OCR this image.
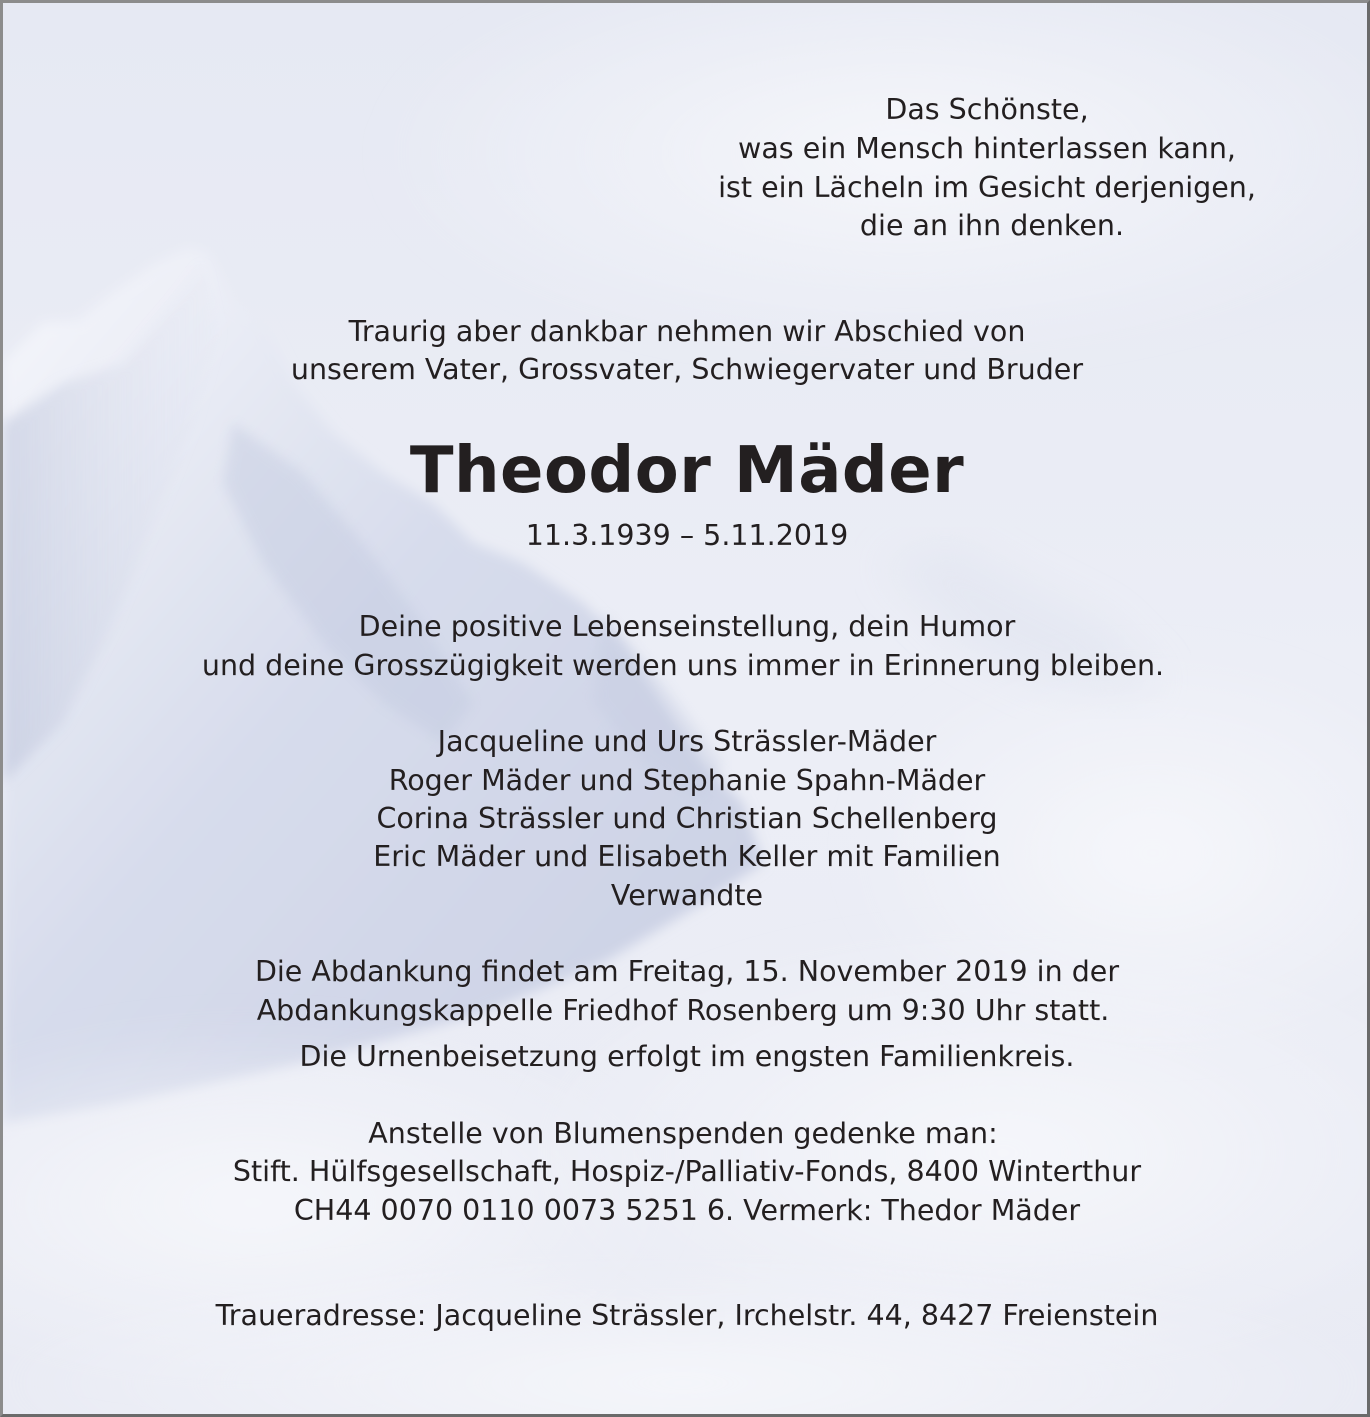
Das Schönste,
was ein Mensch hinterlassen kann,
ist ein Lächeln im Gesicht derjenigen,
die an ihn denken.
Traurig aber dankbar nehmen wir Abschied von
unserem Vater, Grossvater, Schwiegervater und Bruder
Theodor Mäder
11.3.1939 – 5.11.2019
Deine positive Lebenseinstellung, dein Humor
und deine Grosszügigkeit werden uns immer in Erinnerung bleiben.
Jacqueline und Urs Strässler-Mäder
Roger Mäder und Stephanie Spahn-Mäder
Corina Strässler und Christian Schellenberg
Eric Mäder und Elisabeth Keller mit Familien
Verwandte
Die Abdankung findet am Freitag, 15. November 2019 in der
Abdankungskappelle Friedhof Rosenberg um 9:30 Uhr statt.
Die Urnenbeisetzung erfolgt im engsten Familienkreis.
Anstelle von Blumenspenden gedenke man:
Stift. Hülfsgesellschaft, Hospiz-/Palliativ-Fonds, 8400 Winterthur
CH44 0070 0110 0073 5251 6. Vermerk: Thedor Mäder
Traueradresse: Jacqueline Strässler, Irchelstr. 44, 8427 Freienstein
